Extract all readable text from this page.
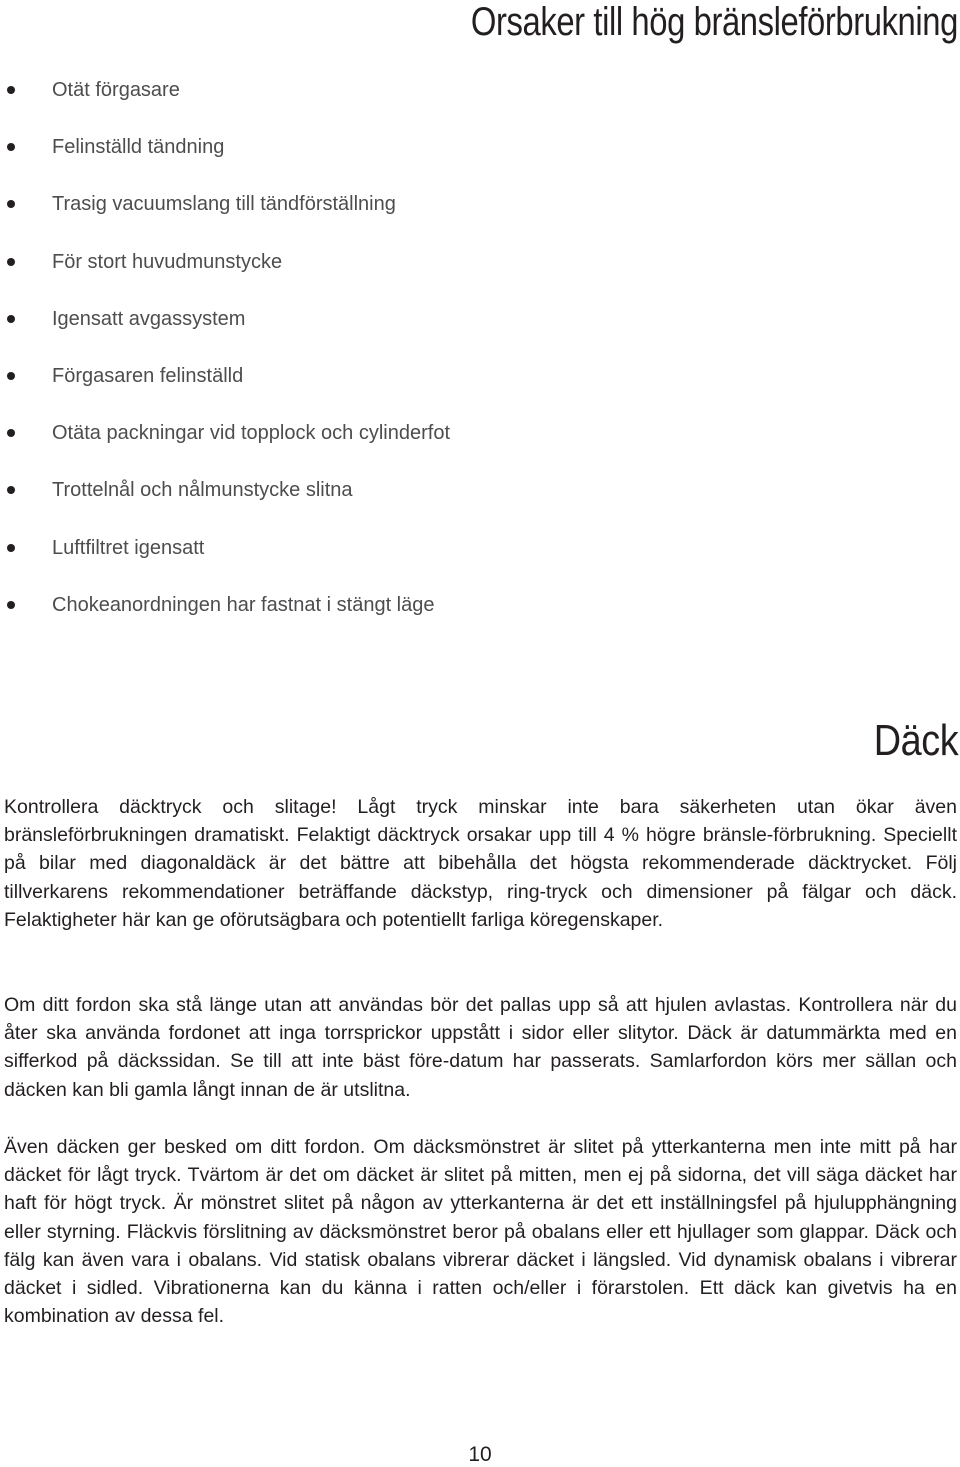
Orsaker till hög bränsleförbrukning
Otät förgasare
Felinställd tändning
Trasig vacuumslang till tändförställning
För stort huvudmunstycke
Igensatt avgassystem
Förgasaren felinställd
Otäta packningar vid topplock och cylinderfot
Trottelnål och nålmunstycke slitna
Luftfiltret igensatt
Chokeanordningen har fastnat i stängt läge
Däck

Kontrollera däcktryck och slitage! Lågt tryck minskar inte bara säkerheten utan ökar även bränsleförbrukningen dramatiskt. Felaktigt däcktryck orsakar upp till 4 % högre bränsle-förbrukning. Speciellt på bilar med diagonaldäck är det bättre att bibehålla det högsta rekommenderade däcktrycket. Följ tillverkarens rekommendationer beträffande däckstyp, ring-tryck och dimensioner på fälgar och däck. Felaktigheter här kan ge oförutsägbara och potentiellt farliga köregenskaper.

Om ditt fordon ska stå länge utan att användas bör det pallas upp så att hjulen avlastas. Kontrollera när du åter ska använda fordonet att inga torrsprickor uppstått i sidor eller slitytor. Däck är datummärkta med en sifferkod på däckssidan. Se till att inte bäst före-datum har passerats. Samlarfordon körs mer sällan och däcken kan bli gamla långt innan de är utslitna.

Även däcken ger besked om ditt fordon. Om däcksmönstret är slitet på ytterkanterna men inte mitt på har däcket för lågt tryck. Tvärtom är det om däcket är slitet på mitten, men ej på sidorna, det vill säga däcket har haft för högt tryck. Är mönstret slitet på någon av ytterkanterna är det ett inställningsfel på hjulupphängning eller styrning. Fläckvis förslitning av däcksmönstret beror på obalans eller ett hjullager som glappar. Däck och fälg kan även vara i obalans. Vid statisk obalans vibrerar däcket i längsled. Vid dynamisk obalans i vibrerar däcket i sidled. Vibrationerna kan du känna i ratten och/eller i förarstolen. Ett däck kan givetvis ha en kombination av dessa fel.

10
